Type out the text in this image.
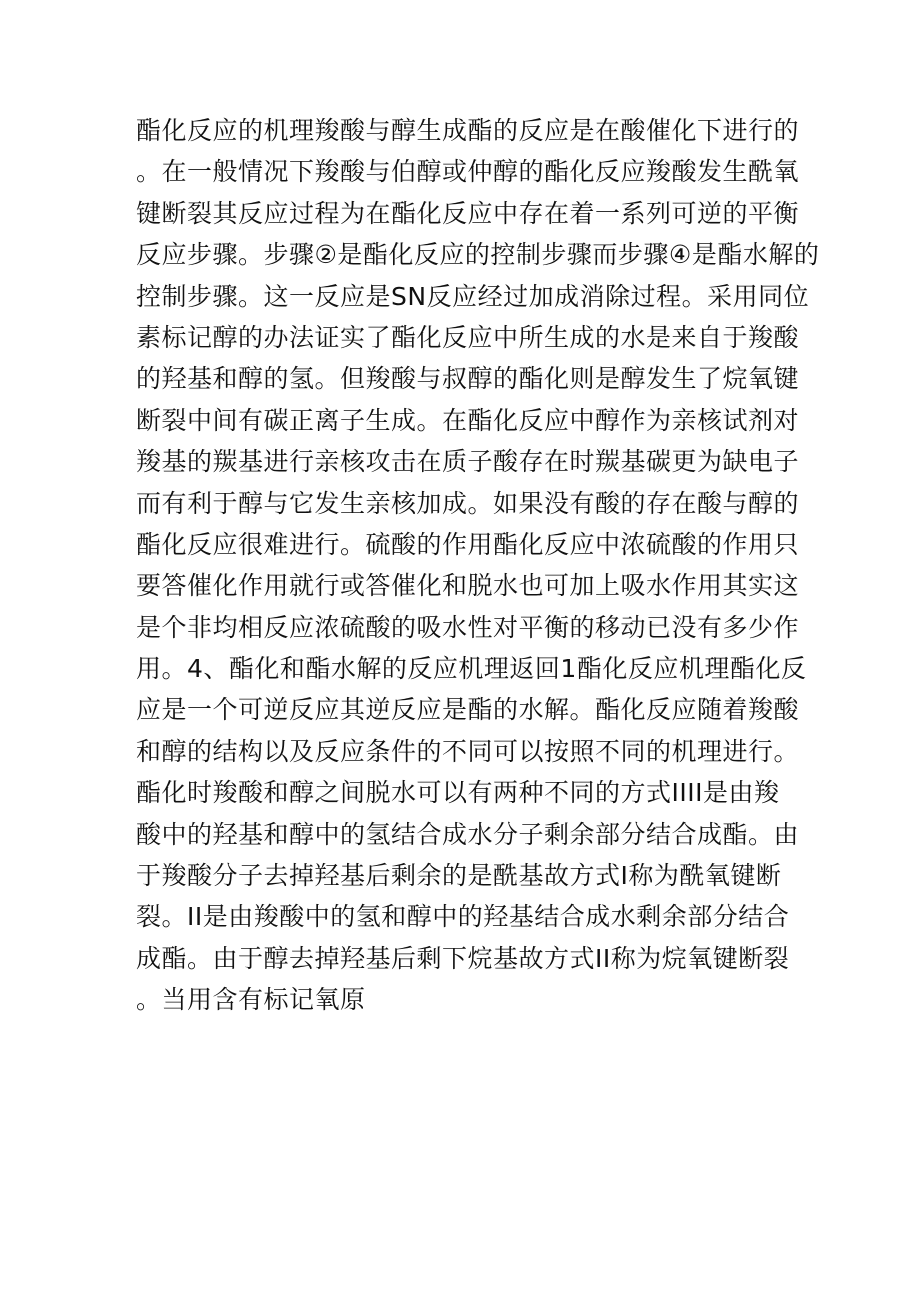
酯化反应的机理羧酸与醇生成酯的反应是在酸催化下进行的
。在一般情况下羧酸与伯醇或仲醇的酯化反应羧酸发生酰氧
键断裂其反应过程为在酯化反应中存在着一系列可逆的平衡
反应步骤。步骤②是酯化反应的控制步骤而步骤④是酯水解的
控制步骤。这一反应是SN反应经过加成消除过程。采用同位
素标记醇的办法证实了酯化反应中所生成的水是来自于羧酸
的羟基和醇的氢。但羧酸与叔醇的酯化则是醇发生了烷氧键
断裂中间有碳正离子生成。在酯化反应中醇作为亲核试剂对
羧基的羰基进行亲核攻击在质子酸存在时羰基碳更为缺电子
而有利于醇与它发生亲核加成。如果没有酸的存在酸与醇的
酯化反应很难进行。硫酸的作用酯化反应中浓硫酸的作用只
要答催化作用就行或答催化和脱水也可加上吸水作用其实这
是个非均相反应浓硫酸的吸水性对平衡的移动已没有多少作
用。4、酯化和酯水解的反应机理返回1酯化反应机理酯化反
应是一个可逆反应其逆反应是酯的水解。酯化反应随着羧酸
和醇的结构以及反应条件的不同可以按照不同的机理进行。
酯化时羧酸和醇之间脱水可以有两种不同的方式IIII是由羧
酸中的羟基和醇中的氢结合成水分子剩余部分结合成酯。由
于羧酸分子去掉羟基后剩余的是酰基故方式I称为酰氧键断
裂。II是由羧酸中的氢和醇中的羟基结合成水剩余部分结合
成酯。由于醇去掉羟基后剩下烷基故方式II称为烷氧键断裂
。当用含有标记氧原
